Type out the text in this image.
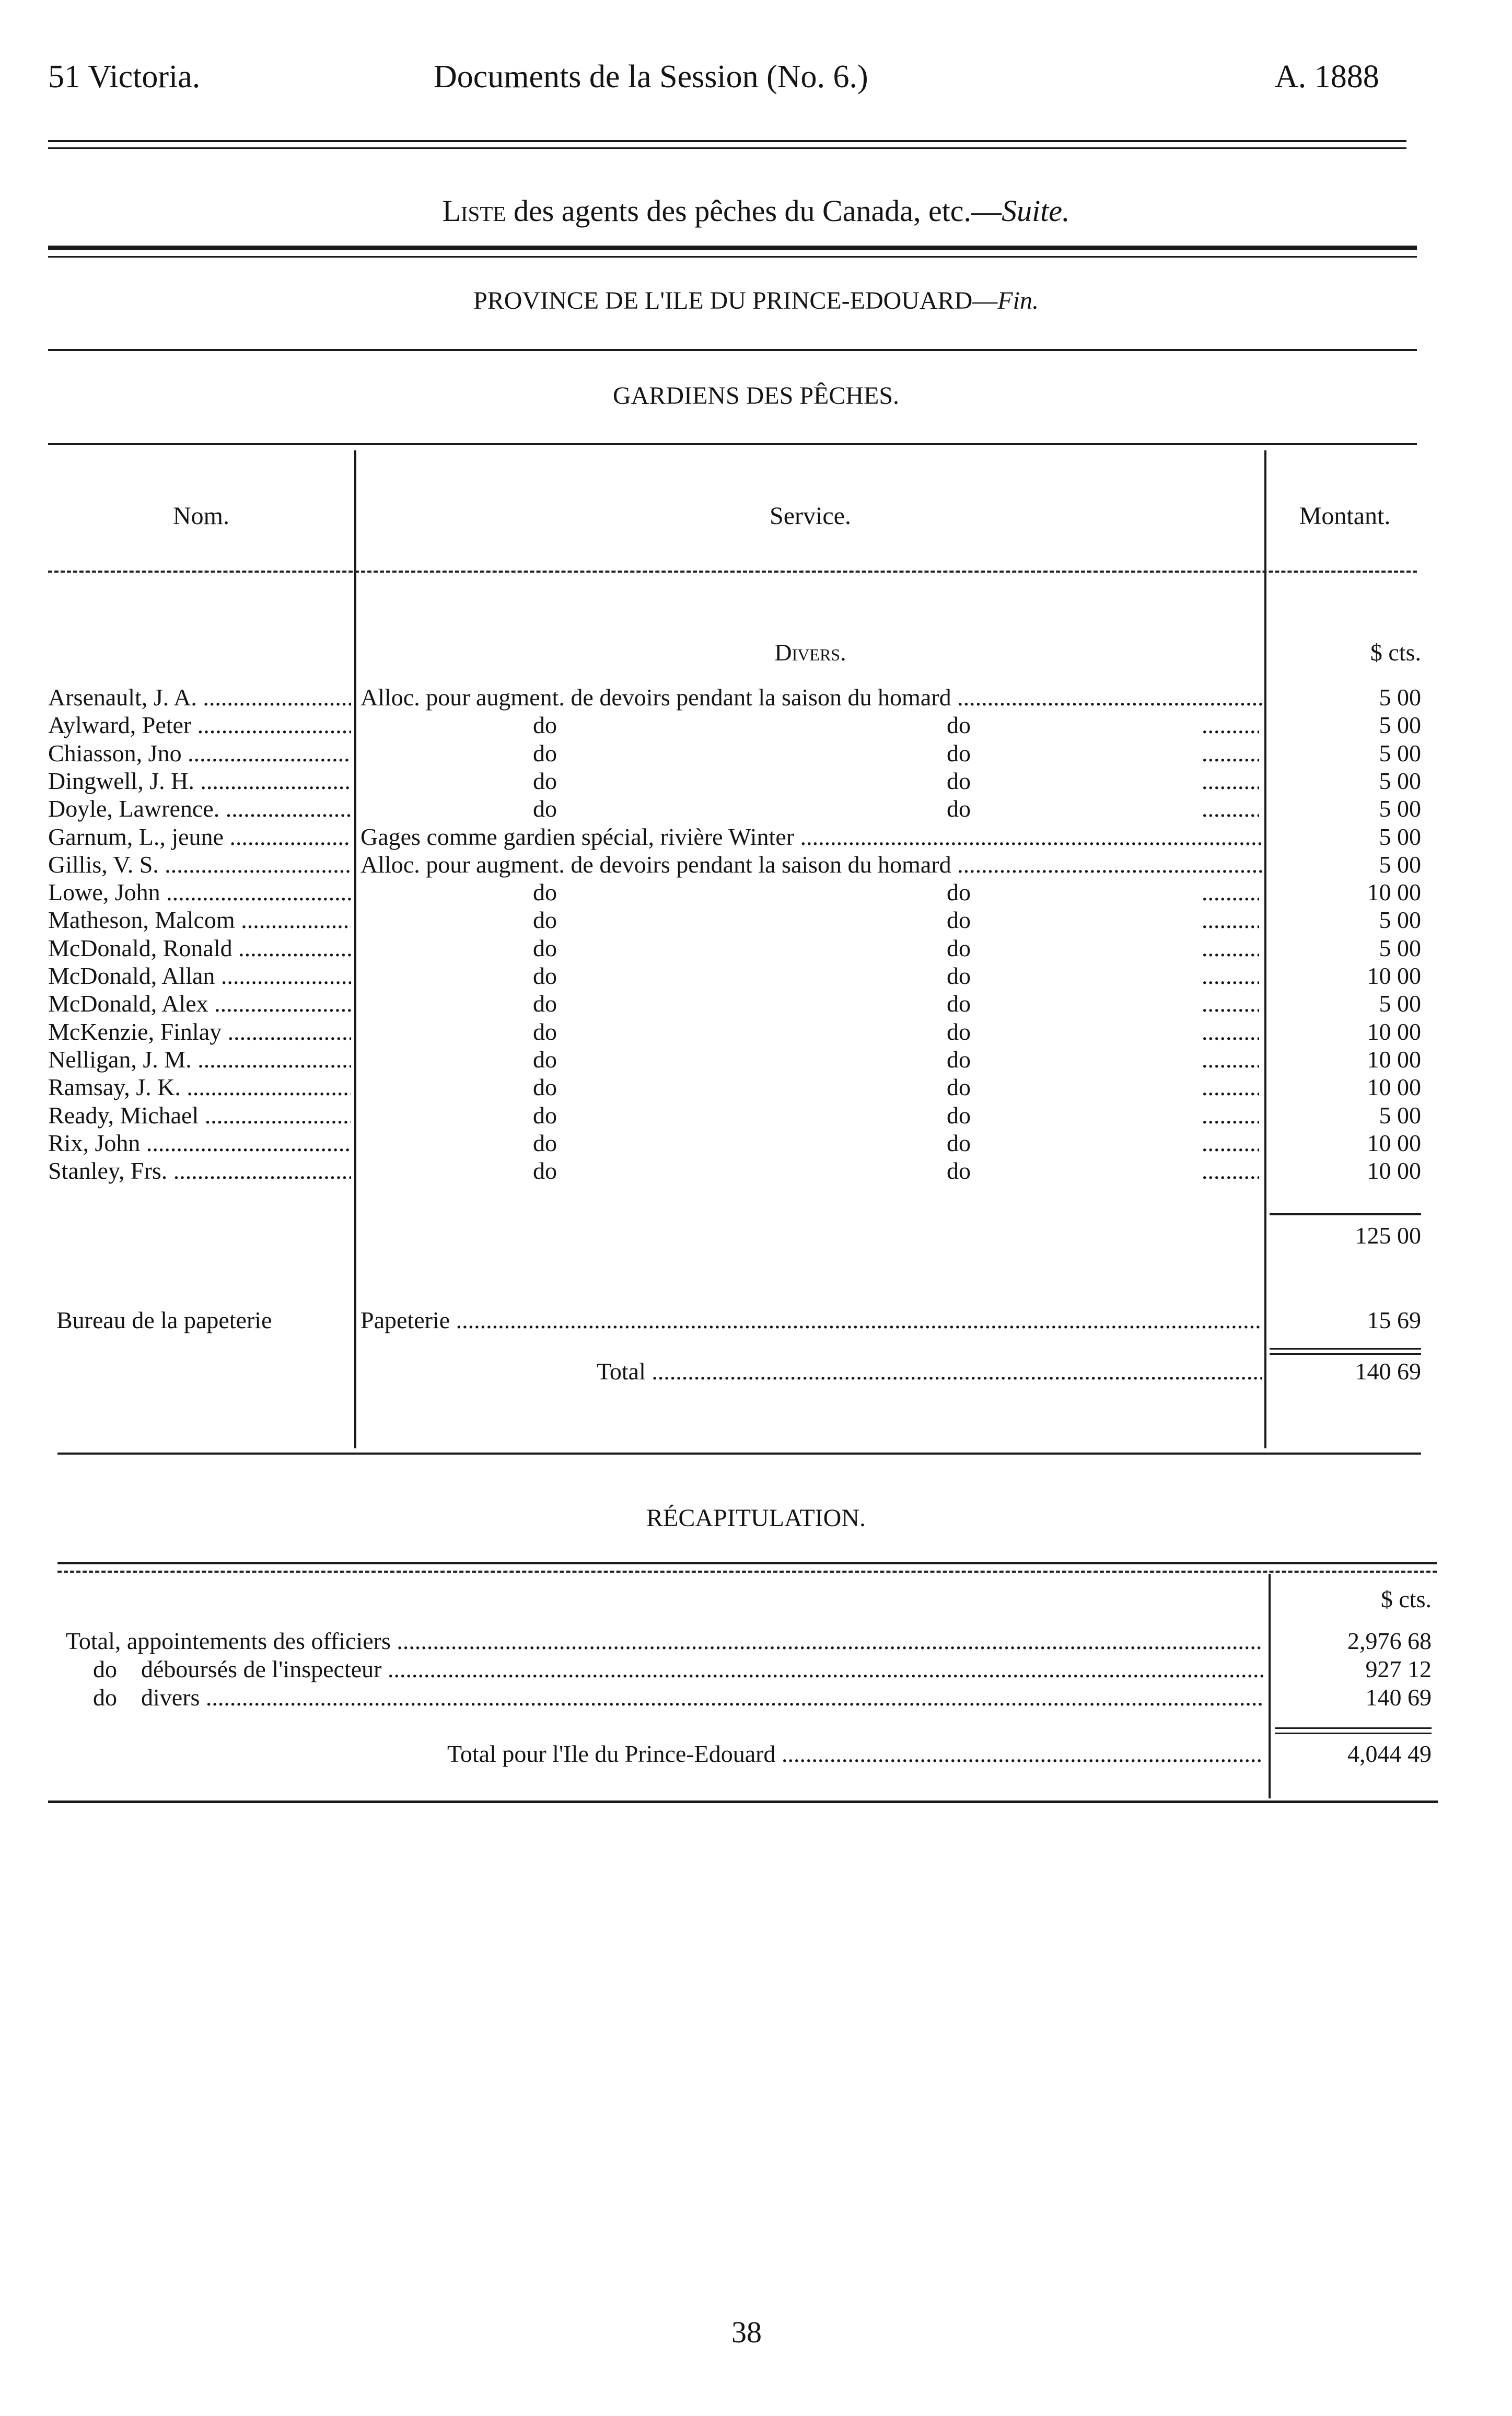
51 Victoria.	Documents de la Session (No. 6.)	A. 1888
Liste des agents des pêches du Canada, etc.—Suite.
PROVINCE DE L'ILE DU PRINCE-EDOUARD—Fin.
GARDIENS DES PÊCHES.
Nom.	Service.	Montant.
Divers.	$ cts.
Arsenault, J. A. .....	Alloc. pour augment. de devoirs pendant la saison du homard .....	5 00
Aylward, Peter .....	do	do .....	5 00
Chiasson, Jno .....	do	do .....	5 00
Dingwell, J. H. .....	do	do .....	5 00
Doyle, Lawrence. .....	do	do .....	5 00
Garnum, L., jeune .....	Gages comme gardien spécial, rivière Winter .....	5 00
Gillis, V. S. .....	Alloc. pour augment. de devoirs pendant la saison du homard .....	5 00
Lowe, John .....	do	do .....	10 00
Matheson, Malcom .....	do	do .....	5 00
McDonald, Ronald .....	do	do .....	5 00
McDonald, Allan .....	do	do .....	10 00
McDonald, Alex .....	do	do .....	5 00
McKenzie, Finlay .....	do	do .....	10 00
Nelligan, J. M. .....	do	do .....	10 00
Ramsay, J. K. .....	do	do .....	10 00
Ready, Michael .....	do	do .....	5 00
Rix, John .....	do	do .....	10 00
Stanley, Frs. .....	do	do .....	10 00
125 00
Bureau de la papeterie	Papeterie .....	15 69
Total .....	140 69
RÉCAPITULATION.
$ cts.
Total, appointements des officiers .....	2,976 68
do    déboursés de l'inspecteur .....	927 12
do    divers .....	140 69
Total pour l'Ile du Prince-Edouard .....	4,044 49
38
